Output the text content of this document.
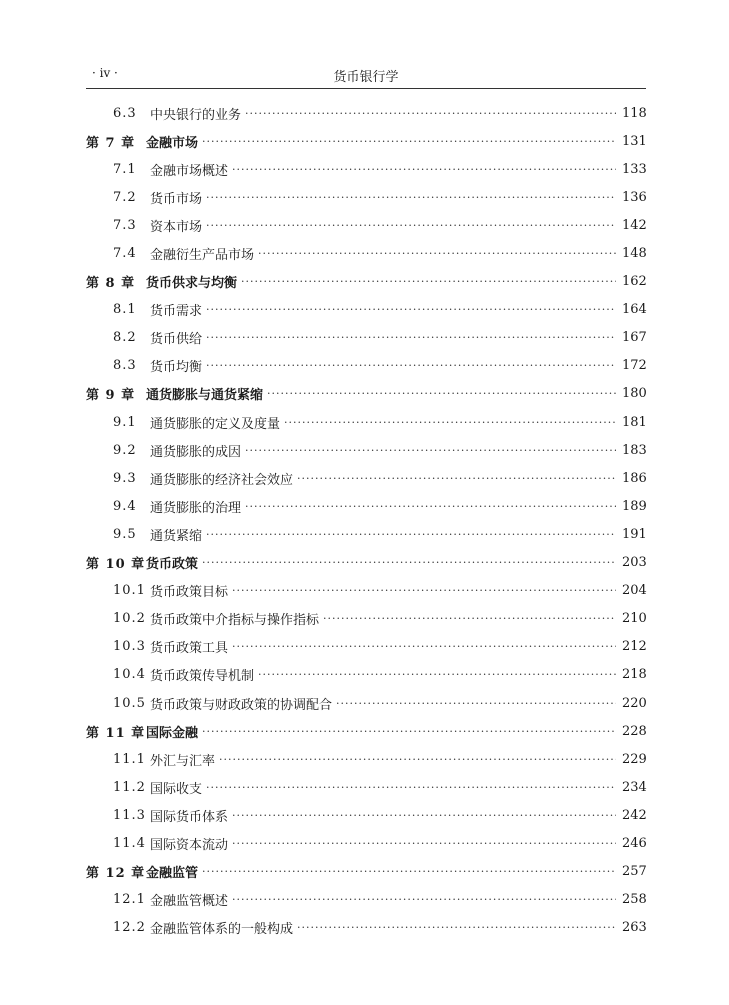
· iv ·	货币银行学
6.3	中央银行的业务 ·····	118
第 7 章 金融市场 ·····	131
7.1	金融市场概述 ·····	133
7.2	货币市场 ·····	136
7.3	资本市场 ·····	142
7.4	金融衍生产品市场 ·····	148
第 8 章 货币供求与均衡 ·····	162
8.1	货币需求 ·····	164
8.2	货币供给 ·····	167
8.3	货币均衡 ·····	172
第 9 章 通货膨胀与通货紧缩 ·····	180
9.1	通货膨胀的定义及度量 ·····	181
9.2	通货膨胀的成因 ·····	183
9.3	通货膨胀的经济社会效应 ·····	186
9.4	通货膨胀的治理 ·····	189
9.5	通货紧缩 ·····	191
第 10 章 货币政策 ·····	203
10.1 货币政策目标 ·····	204
10.2 货币政策中介指标与操作指标 ·····	210
10.3 货币政策工具 ·····	212
10.4 货币政策传导机制 ·····	218
10.5 货币政策与财政政策的协调配合 ·····	220
第 11 章 国际金融 ·····	228
11.1 外汇与汇率 ·····	229
11.2 国际收支 ·····	234
11.3 国际货币体系 ·····	242
11.4 国际资本流动 ·····	246
第 12 章 金融监管 ·····	257
12.1 金融监管概述 ·····	258
12.2 金融监管体系的一般构成 ·····	263
